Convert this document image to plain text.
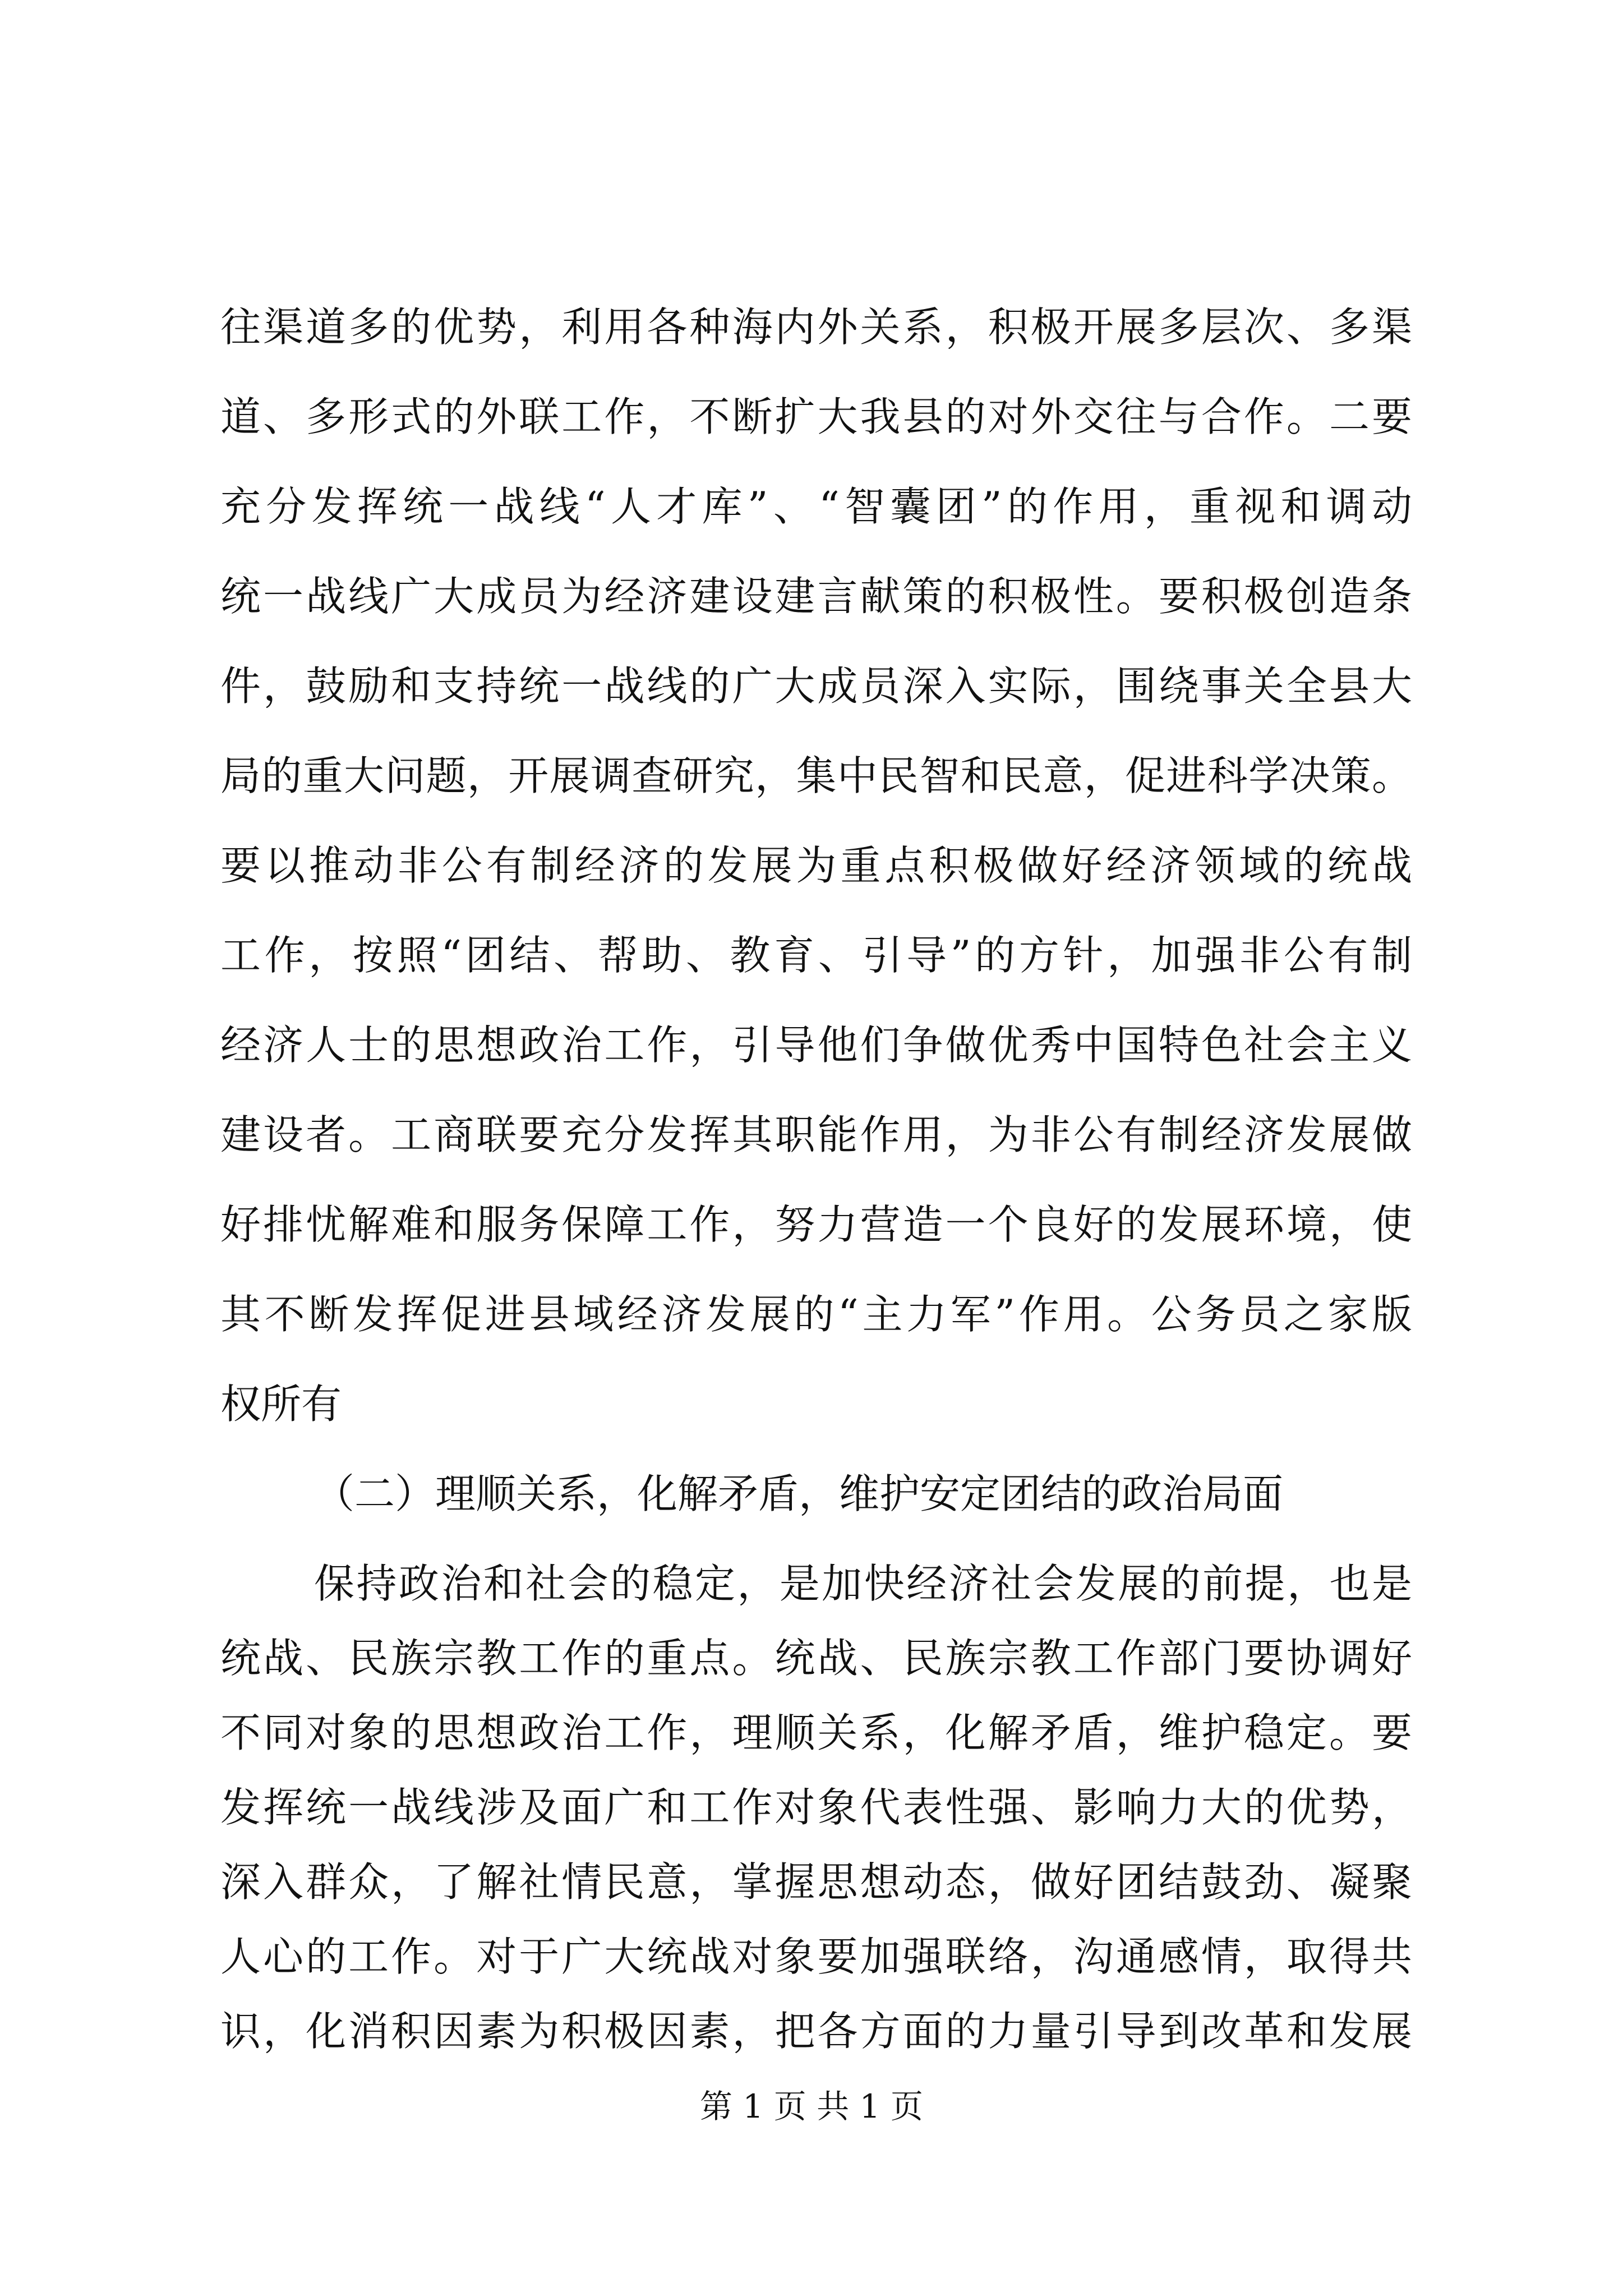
往渠道多的优势，利用各种海内外关系，积极开展多层次、多渠
道、多形式的外联工作，不断扩大我县的对外交往与合作。二要
充分发挥统一战线“人才库”、“智囊团”的作用，重视和调动
统一战线广大成员为经济建设建言献策的积极性。要积极创造条
件，鼓励和支持统一战线的广大成员深入实际，围绕事关全县大
局的重大问题，开展调查研究，集中民智和民意，促进科学决策。
要以推动非公有制经济的发展为重点积极做好经济领域的统战
工作，按照“团结、帮助、教育、引导”的方针，加强非公有制
经济人士的思想政治工作，引导他们争做优秀中国特色社会主义
建设者。工商联要充分发挥其职能作用，为非公有制经济发展做
好排忧解难和服务保障工作，努力营造一个良好的发展环境，使
其不断发挥促进县域经济发展的“主力军”作用。公务员之家版
权所有
（二）理顺关系，化解矛盾，维护安定团结的政治局面
保持政治和社会的稳定，是加快经济社会发展的前提，也是
统战、民族宗教工作的重点。统战、民族宗教工作部门要协调好
不同对象的思想政治工作，理顺关系，化解矛盾，维护稳定。要
发挥统一战线涉及面广和工作对象代表性强、影响力大的优势，
深入群众，了解社情民意，掌握思想动态，做好团结鼓劲、凝聚
人心的工作。对于广大统战对象要加强联络，沟通感情，取得共
第 1 页 共 1 页
识，化消积因素为积极因素，把各方面的力量引导到改革和发展
